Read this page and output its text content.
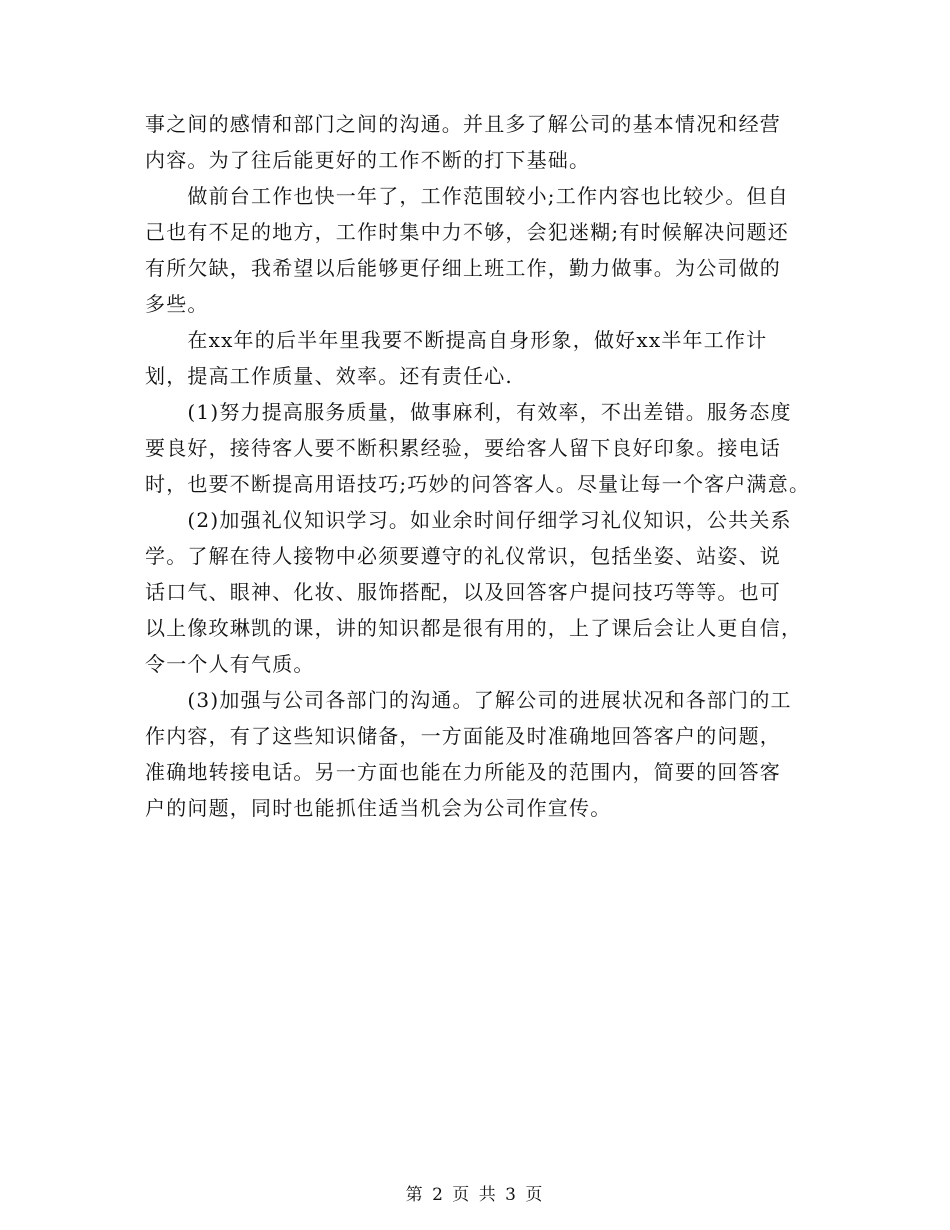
事之间的感情和部门之间的沟通。并且多了解公司的基本情况和经营
内容。为了往后能更好的工作不断的打下基础。
　　做前台工作也快一年了，工作范围较小;工作内容也比较少。但自
己也有不足的地方，工作时集中力不够，会犯迷糊;有时候解决问题还
有所欠缺，我希望以后能够更仔细上班工作，勤力做事。为公司做的
多些。
　　在xx年的后半年里我要不断提高自身形象，做好xx半年工作计
划，提高工作质量、效率。还有责任心.
　　(1)努力提高服务质量，做事麻利，有效率，不出差错。服务态度
要良好，接待客人要不断积累经验，要给客人留下良好印象。接电话
时，也要不断提高用语技巧;巧妙的问答客人。尽量让每一个客户满意。
　　(2)加强礼仪知识学习。如业余时间仔细学习礼仪知识，公共关系
学。了解在待人接物中必须要遵守的礼仪常识，包括坐姿、站姿、说
话口气、眼神、化妆、服饰搭配，以及回答客户提问技巧等等。也可
以上像玫琳凯的课，讲的知识都是很有用的，上了课后会让人更自信，
令一个人有气质。
　　(3)加强与公司各部门的沟通。了解公司的进展状况和各部门的工
作内容，有了这些知识储备，一方面能及时准确地回答客户的问题，
准确地转接电话。另一方面也能在力所能及的范围内，简要的回答客
户的问题，同时也能抓住适当机会为公司作宣传。
第 2 页 共 3 页
